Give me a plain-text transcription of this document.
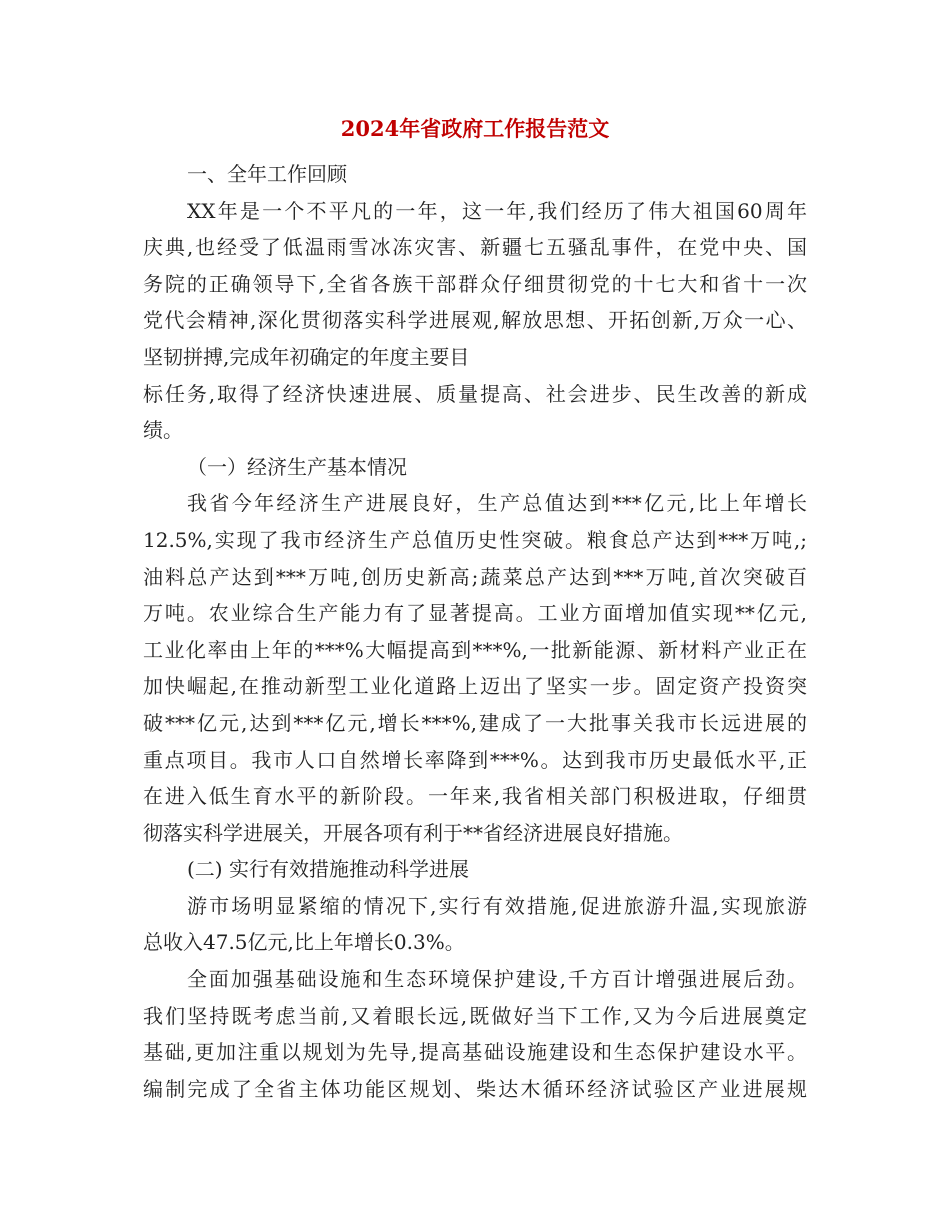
2024年省政府工作报告范文
一、全年工作回顾
XX年是一个不平凡的一年，这一年,我们经历了伟大祖国60周年
庆典,也经受了低温雨雪冰冻灾害、新疆七五骚乱事件，在党中央、国
务院的正确领导下,全省各族干部群众仔细贯彻党的十七大和省十一次
党代会精神,深化贯彻落实科学进展观,解放思想、开拓创新,万众一心、
坚韧拼搏,完成年初确定的年度主要目
标任务,取得了经济快速进展、质量提高、社会进步、民生改善的新成
绩。
（一）经济生产基本情况
我省今年经济生产进展良好，生产总值达到***亿元,比上年增长
12.5%,实现了我市经济生产总值历史性突破。粮食总产达到***万吨,;
油料总产达到***万吨,创历史新高;蔬菜总产达到***万吨,首次突破百
万吨。农业综合生产能力有了显著提高。工业方面增加值实现**亿元,
工业化率由上年的***%大幅提高到***%,一批新能源、新材料产业正在
加快崛起,在推动新型工业化道路上迈出了坚实一步。固定资产投资突
破***亿元,达到***亿元,增长***%,建成了一大批事关我市长远进展的
重点项目。我市人口自然增长率降到***%。达到我市历史最低水平,正
在进入低生育水平的新阶段。一年来,我省相关部门积极进取，仔细贯
彻落实科学进展关，开展各项有利于**省经济进展良好措施。
(二) 实行有效措施推动科学进展
游市场明显紧缩的情况下,实行有效措施,促进旅游升温,实现旅游
总收入47.5亿元,比上年增长0.3%。
全面加强基础设施和生态环境保护建设,千方百计增强进展后劲。
我们坚持既考虑当前,又着眼长远,既做好当下工作,又为今后进展奠定
基础,更加注重以规划为先导,提高基础设施建设和生态保护建设水平。
编制完成了全省主体功能区规划、柴达木循环经济试验区产业进展规
